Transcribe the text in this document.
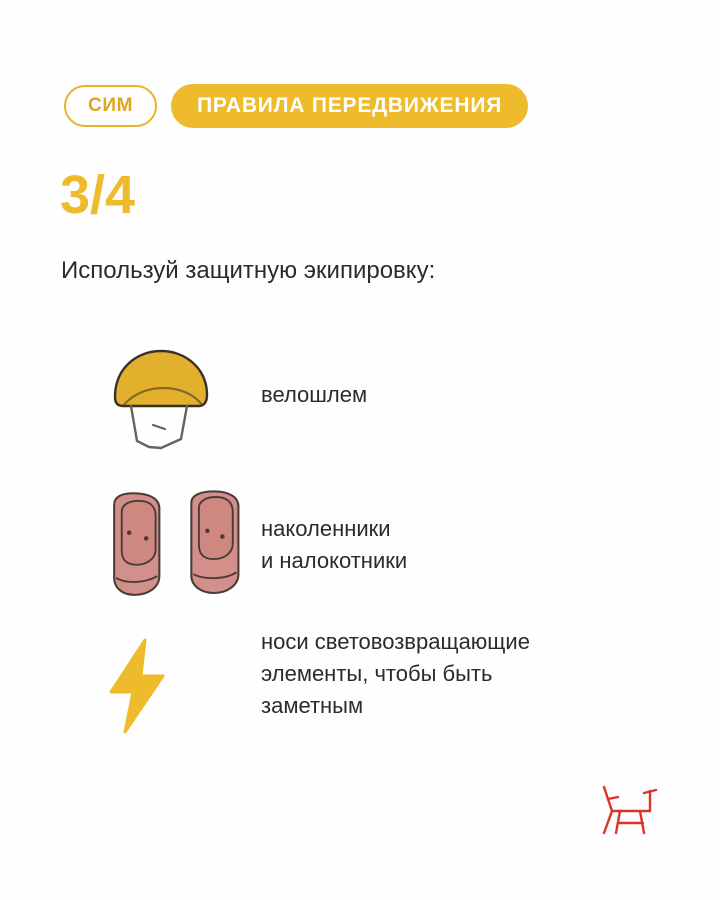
СИМ	ПРАВИЛА ПЕРЕДВИЖЕНИЯ
3/4
Используй защитную экипировку:
велошлем
наколенники
и налокотники
носи световозвращающие
элементы, чтобы быть
заметным
